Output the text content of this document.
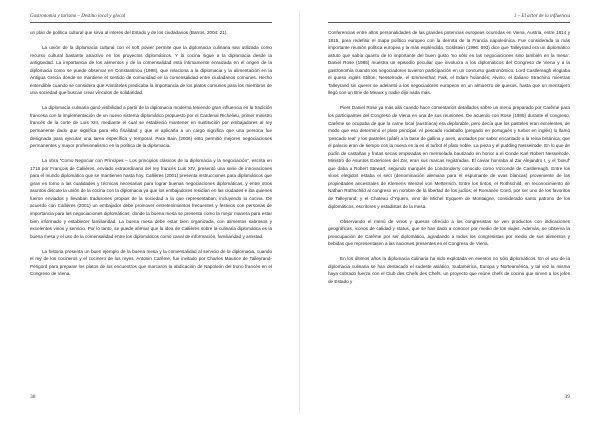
Gastronomía y turismo – Destino local y glocal

un plan de política cultural que sirva al interés del Estado y de los ciudadanos (Barros, 2004: 21).

La unión de la diplomacia cultural con el soft power permite que la diplomacia culinaria sea utilizada como recurso cultural bastante atractivo en los proyectos diplomáticos. Y la cocina sigue a la diplomacia desde la antigüedad. La importancia de los alimentos y de la comensalidad está íntimamente enraizada en el origen de la diplomacia como se puede observar en Constantinou (1996), que relaciona a la diplomacia y la alimentación en la Antigua Grecia donde se mantiene el sentido de comunidad en la comensalidad entre ciudadanos comunes. Hecho entendible cuando se considera que Aristóteles predicaba la importancia de los platos comunes para los miembros de una sociedad que buscan crear vínculos de solidaridad.

La diplomacia culinaria ganó visibilidad a partir de la diplomacia moderna teniendo gran influencia en la tradición francesa con la implementación de un nuevo sistema diplomático propuesto por el Cardenal Richelieu, primer ministro francés de la corte de Luis XIII, mediante el cual se estableció mantener en sustitución por embajadores al rey permanente dado que significa para ello finalidad y que el aplicarla a un cargo significa que una persona fue designada para ejecutar una tarea específica y temporal. Para Bain (2006) esto permitió mejores negociaciones permanentes y mayor profesionalismo en la política de la diplomacia.

La obra “Como Negociar con Príncipes – Los principios clásicos de la diplomacia y la negociación”, escrita en 1716 por François de Callières, enviado extraordinario del rey francés Luis XIV, presentó una serie de innovaciones para el mundo diplomático que se mantienen hasta hoy. Callières (2001) presenta instrucciones para diplomáticos que giran en torno a las cualidades y técnicas necesarias para lograr buenas negociaciones diplomáticas, y entre otros asuntos discute la unión de la cocina con la diplomacia ya que los embajadores residían en las ciudades e iba quienes fueron enviados y llevaban tradiciones propias de la sociedad a la que representaban, incluyendo la cocina. De acuerdo con Callières (2001) un embajador debe promover entretenimientos frecuentes y festivos con personas de importancia para las negociaciones diplomáticas, donde la buena mesa se presenta como la mejor manera para estar bien informado y establecer familiaridad. La buena mesa debe estar bien organizada, con alimentos sabrosos y excelentes vinos y servicio. Por lo tanto, se puede afirmar que la idea de Callières sobre la culinaria diplomática es la buena mesa y el uso de la comensalidad entre los diplomáticos como canal de información, familiaridad y amistad.

La historia presenta un buen ejemplo de la buena mesa y la comensalidad al servicio de la diplomacia, cuando el rey de los cocineros y el cocinero de los reyes, Antonin Carême, fue invitado por Charles Maurice de Talleyrand-Périgord para preparar los platos de los encuentros que marcaron la abdicación de Napoleón del trono francés en el Congreso de Viena.

38
1 – El actor de la influencia

Conferencias entre altos personalidades de las grandes potencias europeas ocurridas en Viena, Austria, entre 1814 y 1815, para redefinir el mapa político europeo con la derrota de la Francia napoleónica. Fue considerada la más importante reunión política europea y la más espléndida. Goldstein (1996: 693) dice que Talleyrand era un diplomático astuto que sabía quanto de lo importante del buen gusto ‘no sólo en las negociaciones sino también en la mesa’. Daniel Rose (1985) muestra un episodio peculiar que involucra a los diplomáticos del Congreso de Viena y a la gastronomía cuando los negociadores tuvieron participación en un concurso gastronómico. Lord Castlereagh elogiaba el queso inglés Stilton; Nesselrode, el Emmenthal; Falk, el Edam holandés; Alvino, el italiano Strachino mientras Talleyrand sin querer se adelantó a los negociadores europeos en un almuerzo de quesos, hasta que un mensajero llegó con un Brie de Meaux y nadie dijo nada más.

Piers Daniel Rose ya más allá cuando hace comentarios detallados sobre un menú preparado por Carême para los participantes del Congreso de Viena en una de sus reuniones. De acuerdo con Rose (1985) durante el congreso, Carême se ocupaba de que la carne local (austríaca) era deplorable, pero decía que los pasteles eran excelentes, de modo que eso determinó el plato principal. Al pescado rodaballo (pregado en portugués y turbot en inglés) lo llamó ‘pescado real’ y los pasteles (pâté) a la base de gallina y aves, anotados por sabor encantado a la reina británica, que el palacio eran de tiempo con la nueva en la es el turbot el plato noble. La pieza y el pudding Nesselrode. En lo que de pudín de castañas y frutas secas empleadas en mermelada bautizado en honor a el Conde Karl Robert Nesselrode, Ministro de Asuntos Exteriores del Zar, eran sus marcas registradas. El caviar honraba al Zar Alejandro I, y el ‘bœuf’ que daba a Robert Stewart, segundo marqués de Londonderry conocido como Vizconde de Castlereagh. Entre los vinos elegidos estaba el sect (denominación alemana para el espumante de uvas blancas) proveniente de las propiedades ancestrales de Klemens Wenzel von Metternich. Entre los tintos, el Rothschild, en reconocimiento de Nathan Rothschild al congreso en nombre de la libertad de los judíos; el Romanée Conti, por ser uno de los favoritos de Talleyrand; y el Chateau d’Yquem, vino de Michel Eyquem de Montaigne, considerado santo patrono de los diplomáticos, escritores y estadistas de la mesa.

Observando el menú de vinos y quesos ofrecido a los congresistas se ven productos con indicaciones geográficas, iconos de calidad y status, que se han dado a conocer por medio de los viajes. Además, se observa la preocupación de Carême por ser diplomático, agradando a todos los congresistas por medio de sus alimentos y bebidas que representasen a las naciones presentes en el Congreso de Viena.

En los últimos años la diplomacia culinaria ha sido explotada en eventos no sólo diplomáticos. En el uso de la diplomacia culinaria se han destacado el sudeste asiático, Sudamérica, Europa y Norteamérica, y tal vez la misma haya cobrado fuerza con el Club des Chefs des Chefs, un proyecto que reúne chefs de cocina que sirven a los jefes de Estado y

39
